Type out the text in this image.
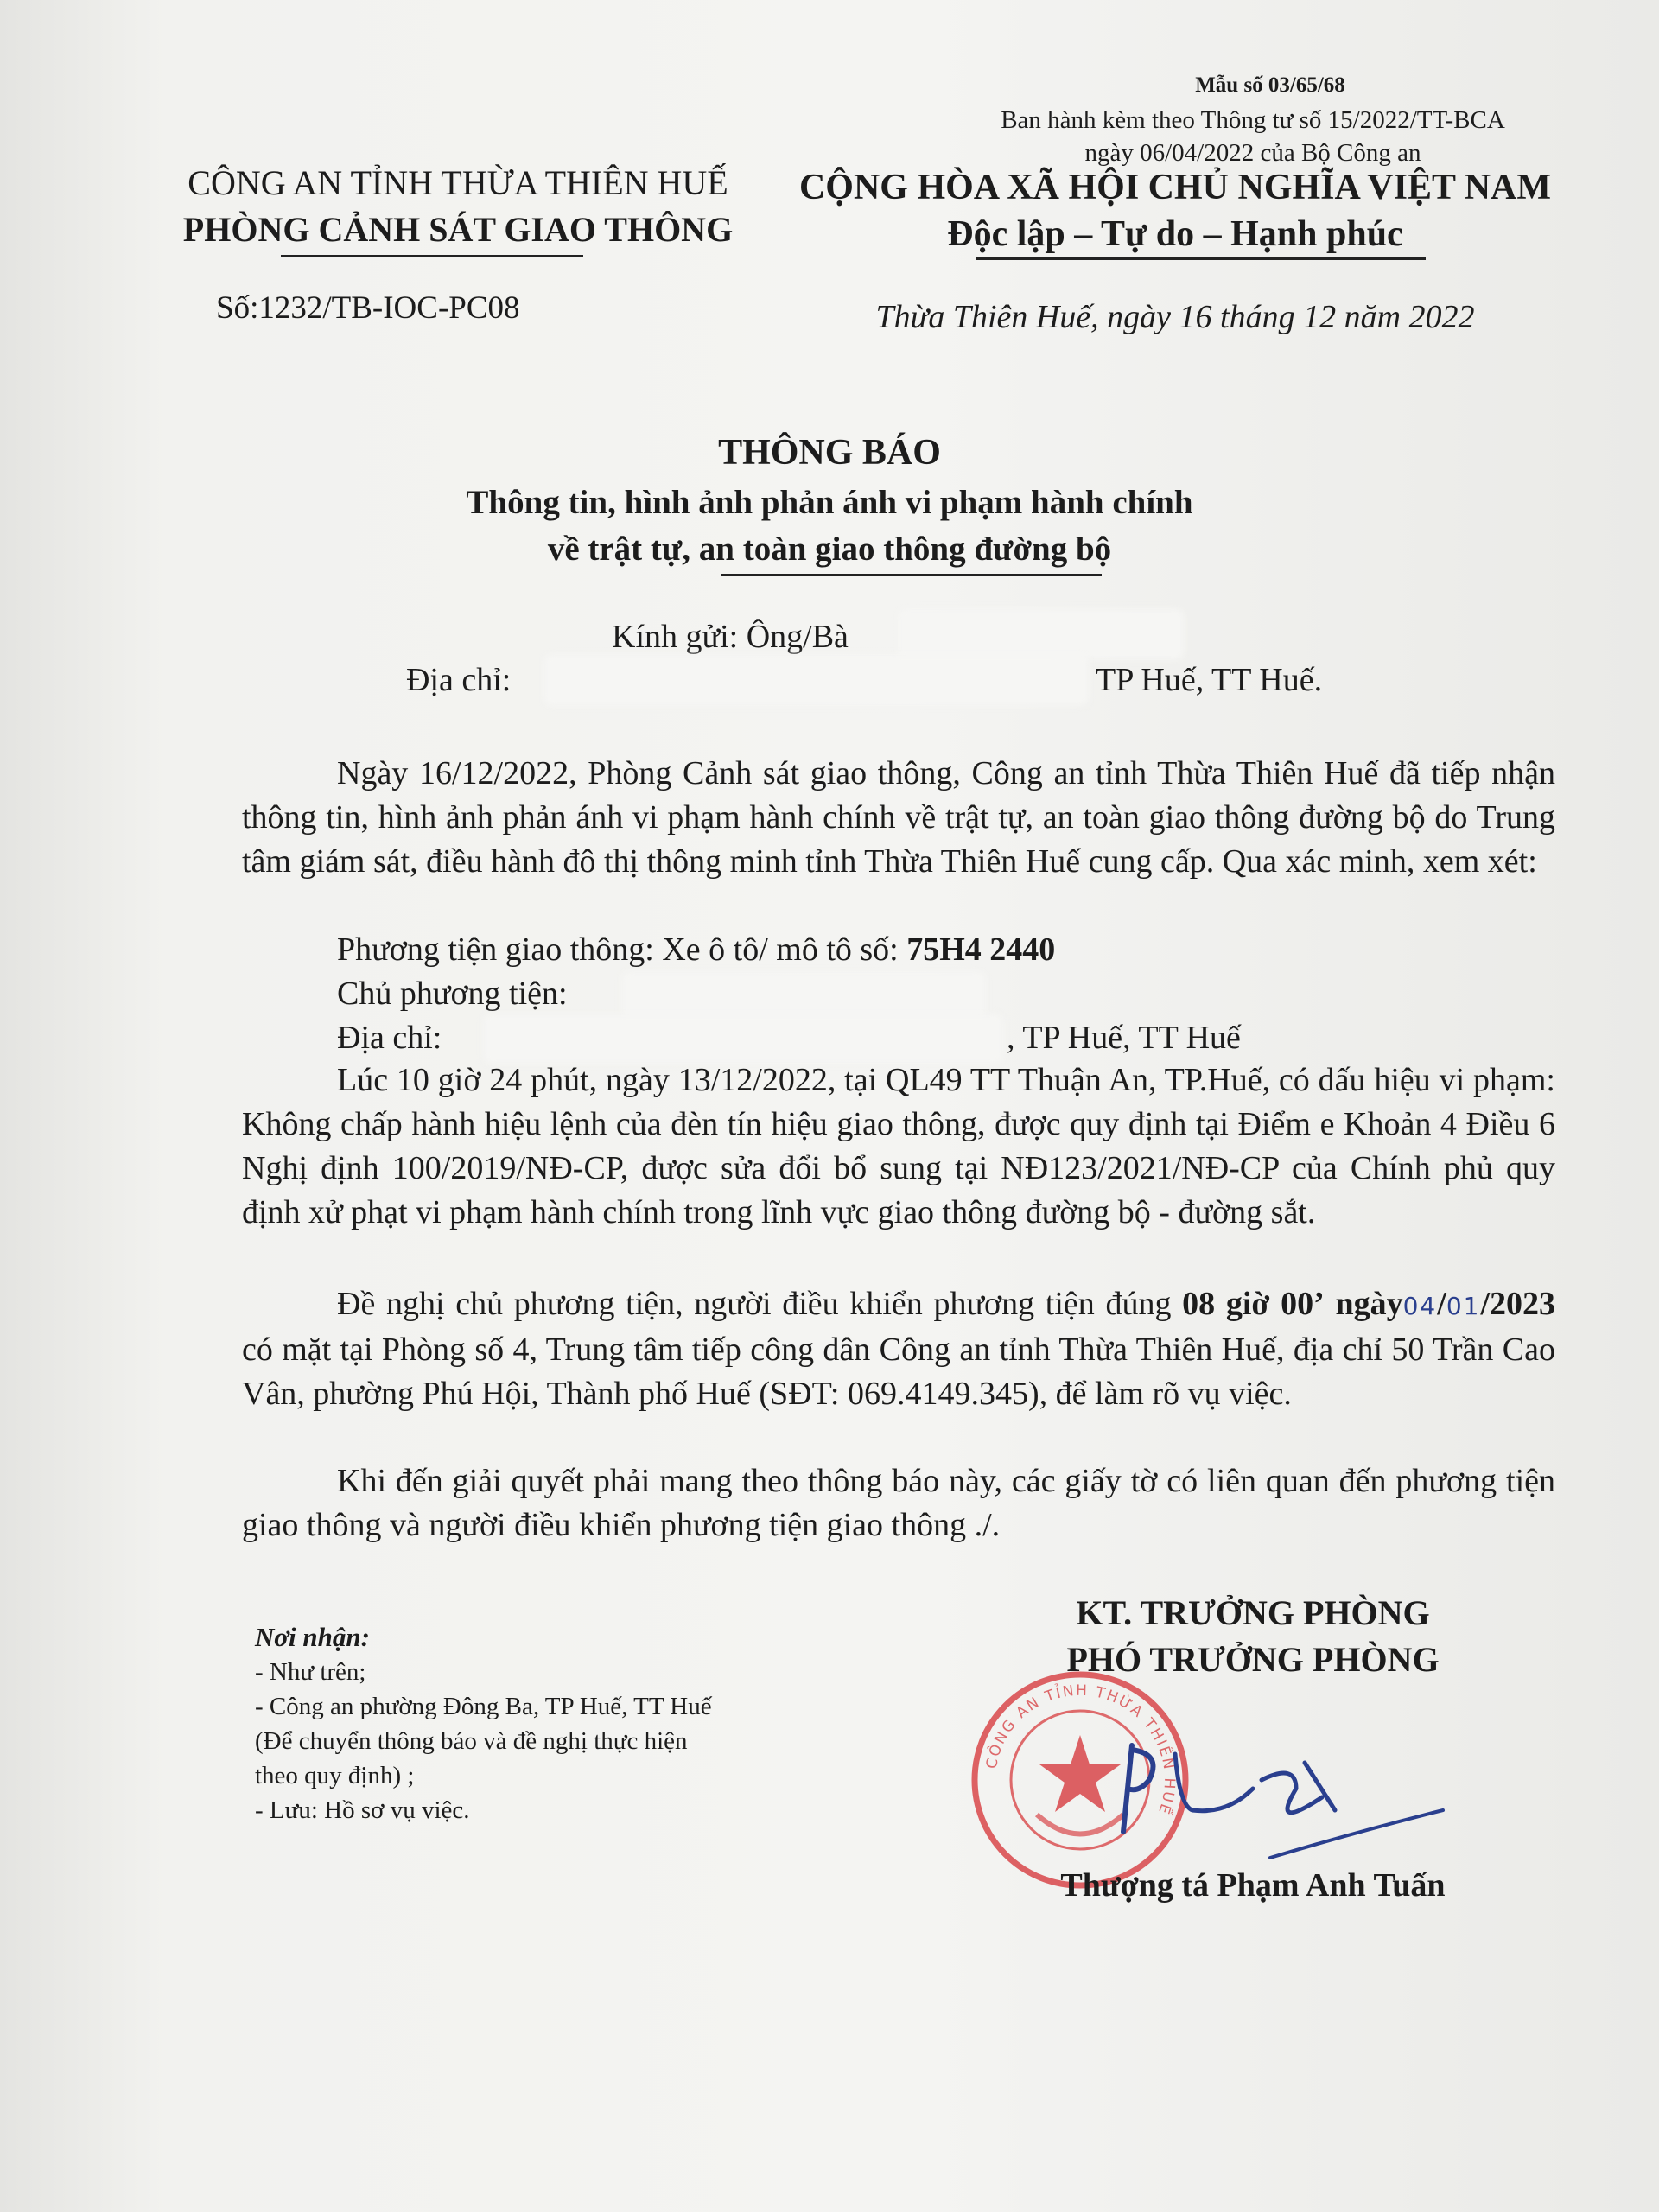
Mẫu số 03/65/68
Ban hành kèm theo Thông tư số 15/2022/TT-BCA
ngày 06/04/2022 của Bộ Công an
CÔNG AN TỈNH THỪA THIÊN HUẾ
PHÒNG CẢNH SÁT GIAO THÔNG
CỘNG HÒA XÃ HỘI CHỦ NGHĨA VIỆT NAM
Độc lập – Tự do – Hạnh phúc
Số:1232/TB-IOC-PC08	Thừa Thiên Huế, ngày 16 tháng 12 năm 2022
THÔNG BÁO
Thông tin, hình ảnh phản ánh vi phạm hành chính
về trật tự, an toàn giao thông đường bộ
Kính gửi: Ông/Bà
Địa chỉ:	TP Huế, TT Huế.
Ngày 16/12/2022, Phòng Cảnh sát giao thông, Công an tỉnh Thừa Thiên Huế đã tiếp nhận thông tin, hình ảnh phản ánh vi phạm hành chính về trật tự, an toàn giao thông đường bộ do Trung tâm giám sát, điều hành đô thị thông minh tỉnh Thừa Thiên Huế cung cấp. Qua xác minh, xem xét:
Phương tiện giao thông: Xe ô tô/ mô tô số: 75H4 2440
Chủ phương tiện:
Địa chỉ:	, TP Huế, TT Huế
Lúc 10 giờ 24 phút, ngày 13/12/2022, tại QL49 TT Thuận An, TP.Huế, có dấu hiệu vi phạm: Không chấp hành hiệu lệnh của đèn tín hiệu giao thông, được quy định tại Điểm e Khoản 4 Điều 6 Nghị định 100/2019/NĐ-CP, được sửa đổi bổ sung tại NĐ123/2021/NĐ-CP của Chính phủ quy định xử phạt vi phạm hành chính trong lĩnh vực giao thông đường bộ - đường sắt.
Đề nghị chủ phương tiện, người điều khiển phương tiện đúng 08 giờ 00’ ngày04/01/2023 có mặt tại Phòng số 4, Trung tâm tiếp công dân Công an tỉnh Thừa Thiên Huế, địa chỉ 50 Trần Cao Vân, phường Phú Hội, Thành phố Huế (SĐT: 069.4149.345), để làm rõ vụ việc.
Khi đến giải quyết phải mang theo thông báo này, các giấy tờ có liên quan đến phương tiện giao thông và người điều khiển phương tiện giao thông ./.
Nơi nhận:
- Như trên;
- Công an phường Đông Ba, TP Huế, TT Huế
(Để chuyển thông báo và đề nghị thực hiện theo quy định) ;
- Lưu: Hồ sơ vụ việc.
KT. TRƯỞNG PHÒNG
PHÓ TRƯỞNG PHÒNG
CÔNG AN TỈNH THỪA THIÊN HUẾ
Thượng tá Phạm Anh Tuấn
